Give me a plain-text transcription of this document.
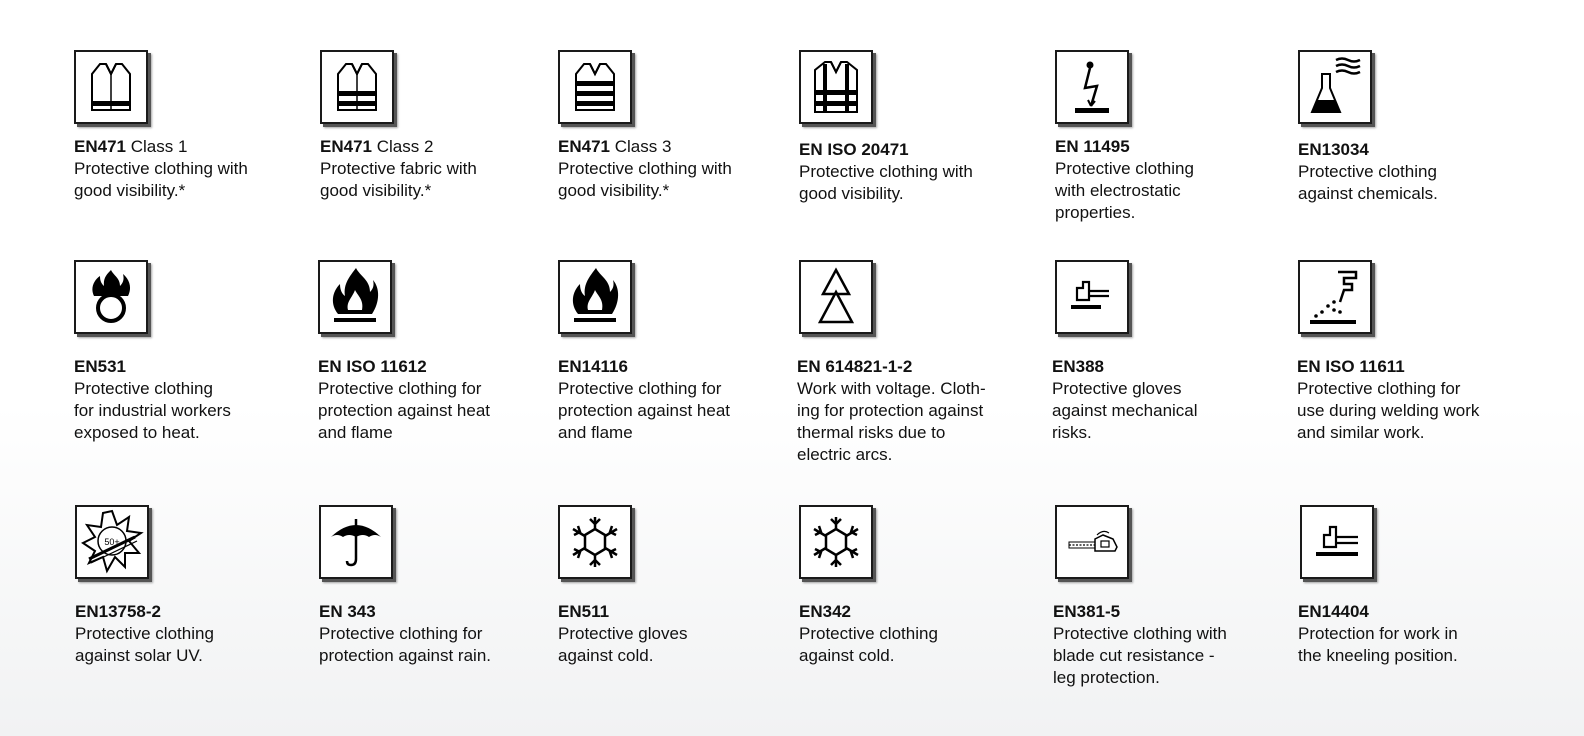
EN471 Class 1
Protective clothing with
good visibility.*
EN471 Class 2
Protective fabric with
good visibility.*
EN471 Class 3
Protective clothing with
good visibility.*
EN ISO 20471
Protective clothing with
good visibility.
EN 11495
Protective clothing
with electrostatic
properties.
EN13034
Protective clothing
against chemicals.
EN531
Protective clothing
for industrial workers
exposed to heat.
EN ISO 11612
Protective clothing for
protection against heat
and flame
EN14116
Protective clothing for
protection against heat
and flame
EN 614821-1-2
Work with voltage. Cloth-
ing for protection against
thermal risks due to
electric arcs.
EN388
Protective gloves
against mechanical
risks.
EN ISO 11611
Protective clothing for
use during welding work
and similar work.
50+
EN13758-2
Protective clothing
against solar UV.
EN 343
Protective clothing for
protection against rain.
EN511
Protective gloves
against cold.
EN342
Protective clothing
against cold.
EN381-5
Protective clothing with
blade cut resistance -
leg protection.
EN14404
Protection for work in
the kneeling position.
